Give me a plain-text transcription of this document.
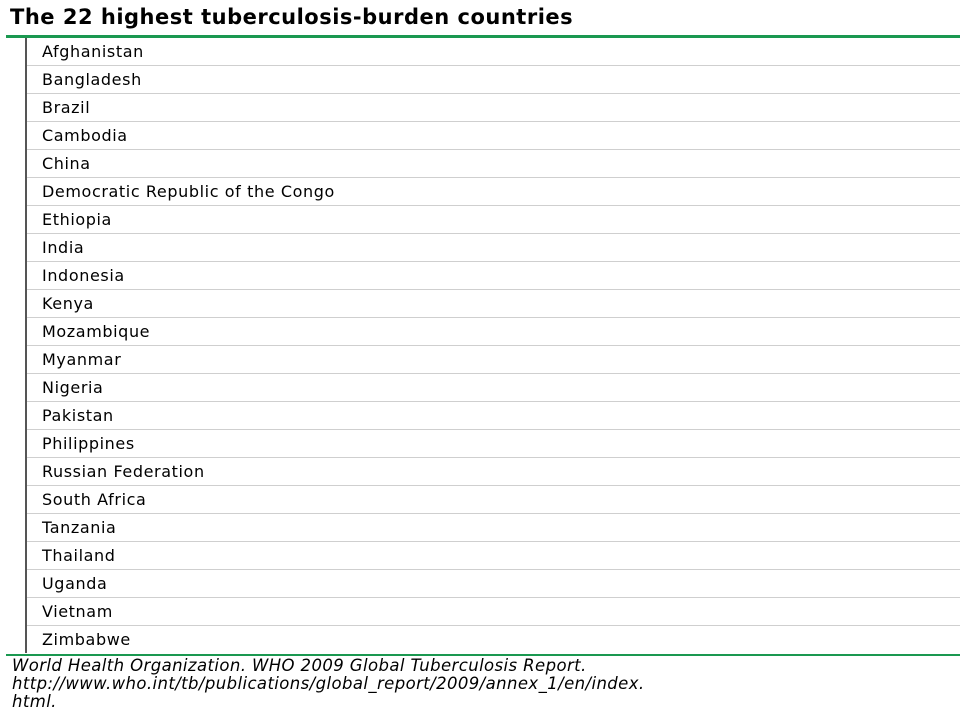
The 22 highest tuberculosis-burden countries
Afghanistan
Bangladesh
Brazil
Cambodia
China
Democratic Republic of the Congo
Ethiopia
India
Indonesia
Kenya
Mozambique
Myanmar
Nigeria
Pakistan
Philippines
Russian Federation
South Africa
Tanzania
Thailand
Uganda
Vietnam
Zimbabwe
World Health Organization. WHO 2009 Global Tuberculosis Report.
http://www.who.int/tb/publications/global_report/2009/annex_1/en/index.
html.
